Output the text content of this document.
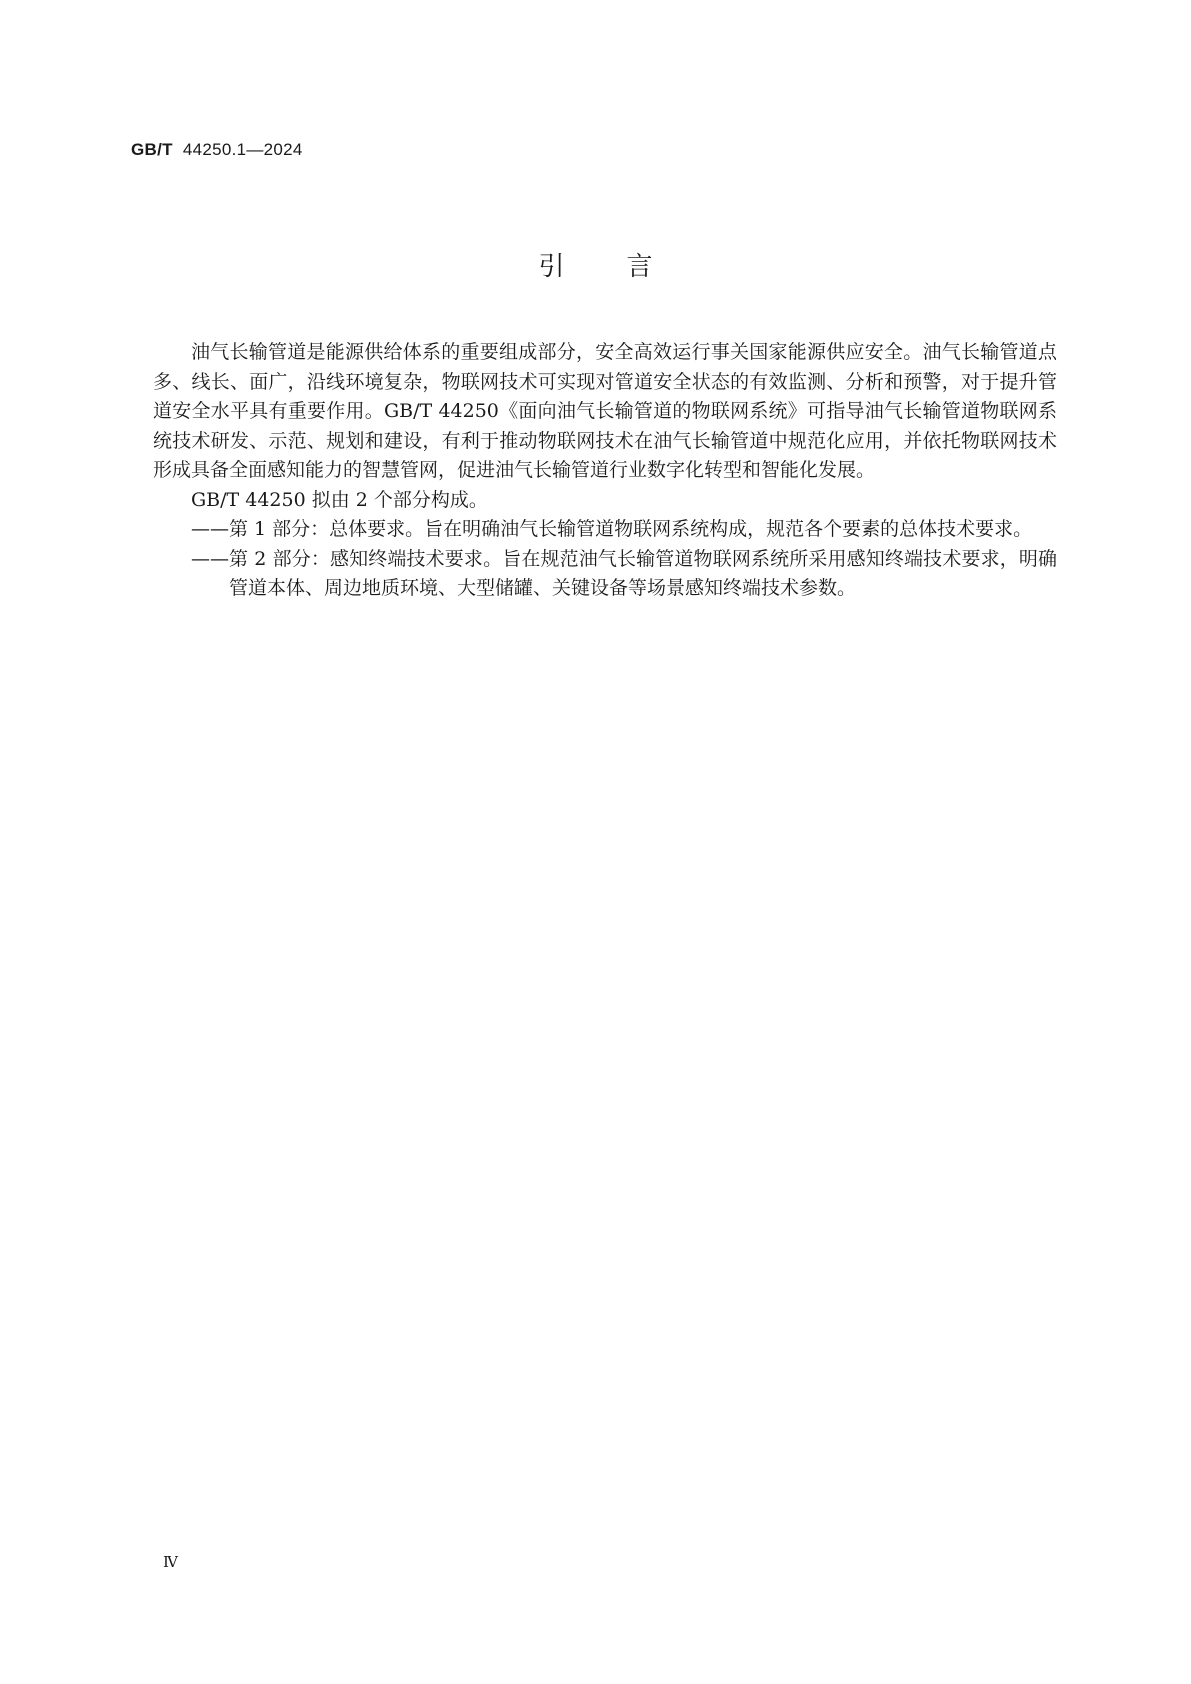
GB/T 44250.1—2024
引言

油气长输管道是能源供给体系的重要组成部分，安全高效运行事关国家能源供应安全。油气长输管道点多、线长、面广，沿线环境复杂，物联网技术可实现对管道安全状态的有效监测、分析和预警，对于提升管道安全水平具有重要作用。GB/T 44250《面向油气长输管道的物联网系统》可指导油气长输管道物联网系统技术研发、示范、规划和建设，有利于推动物联网技术在油气长输管道中规范化应用，并依托物联网技术形成具备全面感知能力的智慧管网，促进油气长输管道行业数字化转型和智能化发展。

GB/T 44250 拟由 2 个部分构成。

—— 第 1 部分：总体要求。旨在明确油气长输管道物联网系统构成，规范各个要素的总体技术要求。
—— 第 2 部分：感知终端技术要求。旨在规范油气长输管道物联网系统所采用感知终端技术要求，明确管道本体、周边地质环境、大型储罐、关键设备等场景感知终端技术参数。
Ⅳ
